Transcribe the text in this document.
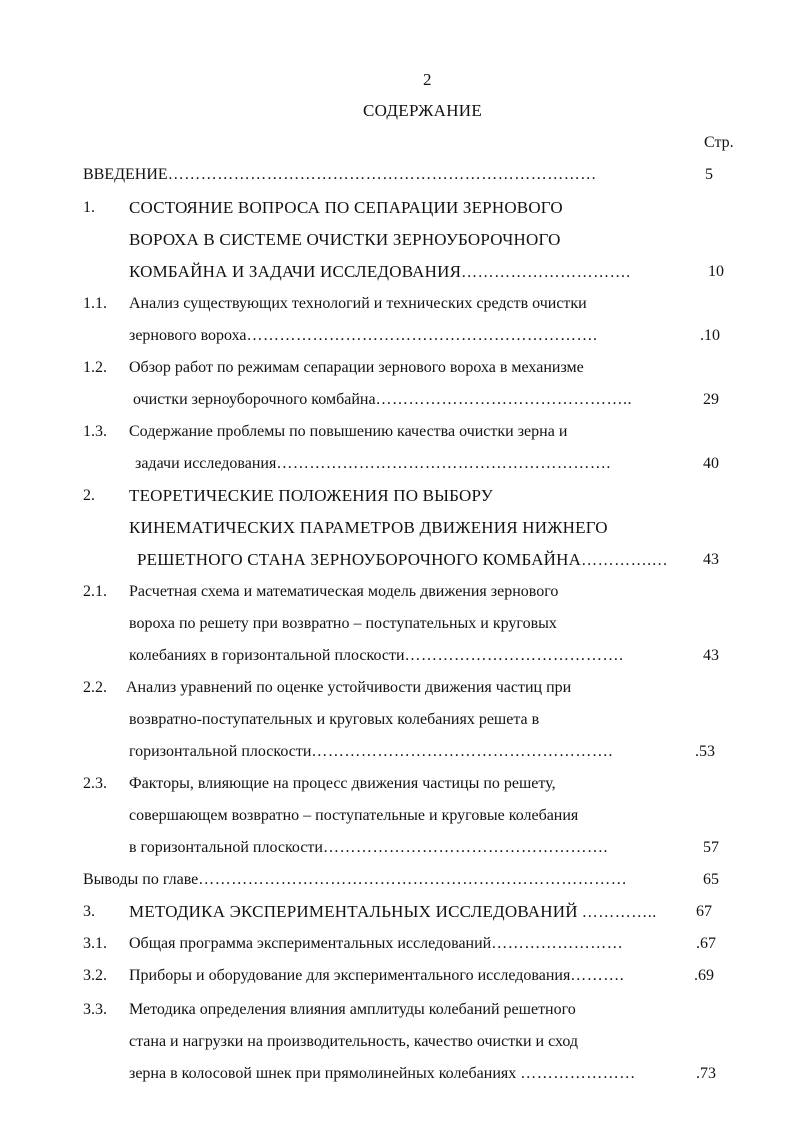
2
СОДЕРЖАНИЕ
Стр.
ВВЕДЕНИЕ……………………………………………………………………	5
1. СОСТОЯНИЕ ВОПРОСА ПО СЕПАРАЦИИ ЗЕРНОВОГО
ВОРОХА В СИСТЕМЕ ОЧИСТКИ ЗЕРНОУБОРОЧНОГО
КОМБАЙНА И ЗАДАЧИ ИССЛЕДОВАНИЯ………………………….	10
1.1. Анализ существующих технологий и технических средств очистки
зернового вороха……………………………………………………….	.10
1.2. Обзор работ по режимам сепарации зернового вороха в механизме
очистки зерноуборочного комбайна………………………………………..	29
1.3. Содержание проблемы по повышению качества очистки зерна и
задачи исследования…………………………………………………….	40
2. ТЕОРЕТИЧЕСКИЕ ПОЛОЖЕНИЯ ПО ВЫБОРУ
КИНЕМАТИЧЕСКИХ ПАРАМЕТРОВ ДВИЖЕНИЯ НИЖНЕГО
РЕШЕТНОГО СТАНА ЗЕРНОУБОРОЧНОГО КОМБАЙНА………….… 43
2.1. Расчетная схема и математическая модель движения зернового
вороха по решету при возвратно – поступательных и круговых
колебаниях в горизонтальной плоскости………………………………….	43
2.2. Анализ уравнений по оценке устойчивости движения частиц при
возвратно-поступательных и круговых колебаниях решета в
горизонтальной плоскости……………………………………………….	.53
2.3. Факторы, влияющие на процесс движения частицы по решету,
совершающем возвратно – поступательные и круговые колебания
в горизонтальной плоскости…………………………………………….	57
Выводы по главе……………………………………………………………………	65
3. МЕТОДИКА ЭКСПЕРИМЕНТАЛЬНЫХ ИССЛЕДОВАНИЙ ………….. 67
3.1. Общая программа экспериментальных исследований……………………	.67
3.2. Приборы и оборудование для экспериментального исследования……….	.69
3.3. Методика определения влияния амплитуды колебаний решетного
стана и нагрузки на производительность, качество очистки и сход
зерна в колосовой шнек при прямолинейных колебаниях …………………	.73
